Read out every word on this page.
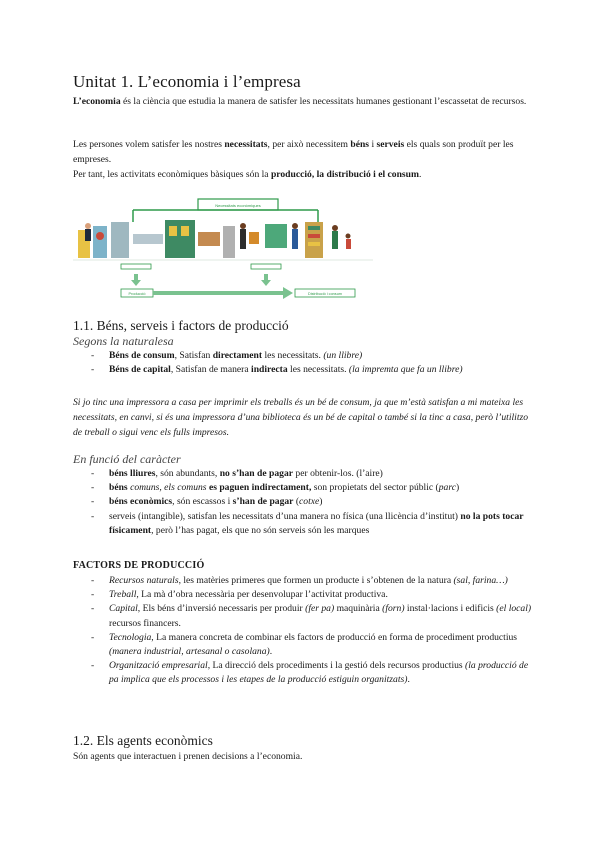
Unitat 1. L’economia i l’empresa

L’economia és la ciència que estudia la manera de satisfer les necessitats humanes gestionant l’escassetat de recursos.

Les persones volem satisfer les nostres necessitats, per això necessitem béns i serveis els quals son produït per les empreses.

Per tant, les activitats econòmiques bàsiques són la producció, la distribució i el consum.

Necessitats econòmiques
Producció	Distribució i consum
1.1. Béns, serveis i factors de producció

Segons la naturalesa

- Béns de consum, Satisfan directament les necessitats. (un llibre)
- Béns de capital, Satisfan de manera indirecta les necessitats. (la impremta que fa un llibre)

Si jo tinc una impressora a casa per imprimir els treballs és un bé de consum, ja que m’està satisfan a mi mateixa les necessitats, en canvi, si és una impressora d’una biblioteca és un bé de capital o també si la tinc a casa, però l’utilitzo de treball o sigui venc els fulls impresos.

En funció del caràcter

- béns lliures, són abundants, no s’han de pagar per obtenir-los. (l’aire)
- béns comuns, els comuns es paguen indirectament, son propietats del sector públic (parc)
- béns econòmics, són escassos i s’han de pagar (cotxe)
- serveis (intangible), satisfan les necessitats d’una manera no física (una llicència d’institut) no la pots tocar físicament, però l’has pagat, els que no són serveis són les marques

FACTORS DE PRODUCCIÓ

- Recursos naturals, les matèries primeres que formen un producte i s’obtenen de la natura (sal, farina…)
- Treball, La mà d’obra necessària per desenvolupar l’activitat productiva.
- Capital, Els béns d’inversió necessaris per produir (fer pa) maquinària (forn) instal·lacions i edificis (el local) recursos financers.
- Tecnologia, La manera concreta de combinar els factors de producció en forma de procediment productius (manera industrial, artesanal o casolana).
- Organització empresarial, La direcció dels procediments i la gestió dels recursos productius (la producció de pa implica que els processos i les etapes de la producció estiguin organitzats).
1.2. Els agents econòmics

Són agents que interactuen i prenen decisions a l’economia.
